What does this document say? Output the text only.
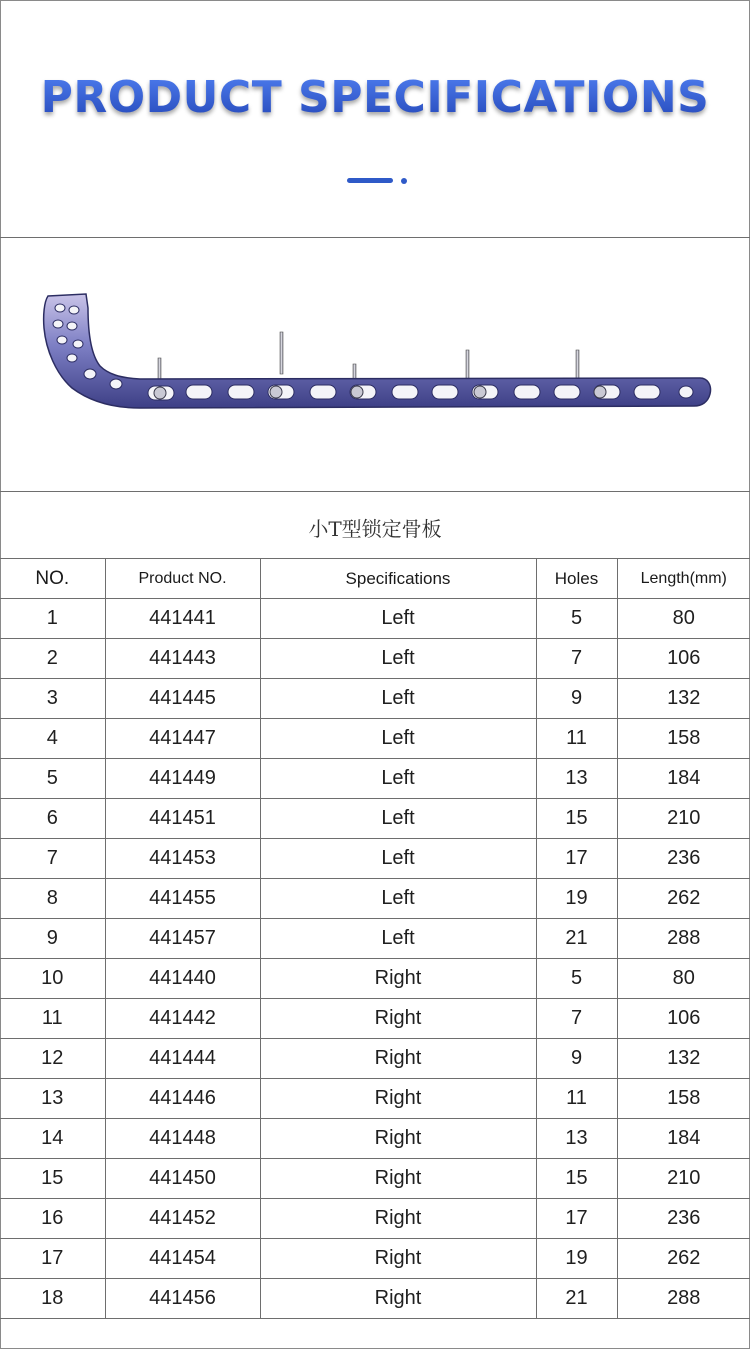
PRODUCT SPECIFICATIONS
小T型锁定骨板
NO.	Product NO.	Specifications	Holes	Length(mm)
1	441441	Left	5	80
2	441443	Left	7	106
3	441445	Left	9	132
4	441447	Left	11	158
5	441449	Left	13	184
6	441451	Left	15	210
7	441453	Left	17	236
8	441455	Left	19	262
9	441457	Left	21	288
10	441440	Right	5	80
11	441442	Right	7	106
12	441444	Right	9	132
13	441446	Right	11	158
14	441448	Right	13	184
15	441450	Right	15	210
16	441452	Right	17	236
17	441454	Right	19	262
18	441456	Right	21	288
